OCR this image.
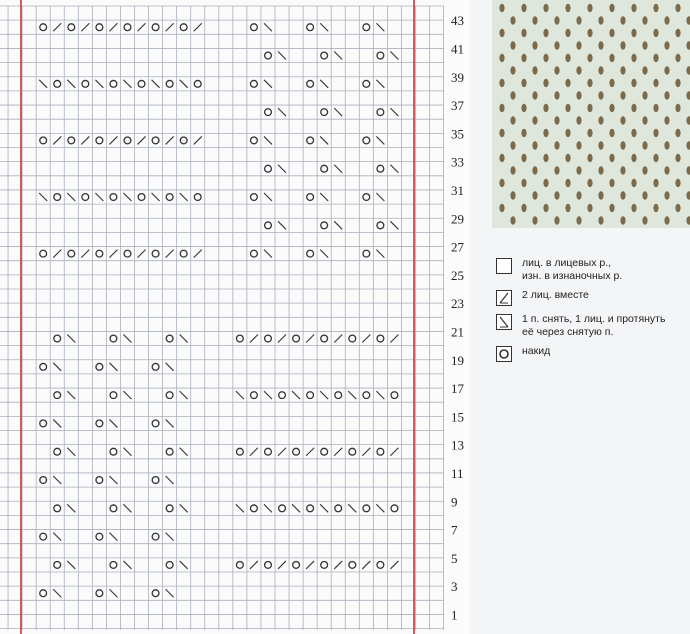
43
41
39
37
35
33
31
29
27
25
23
21
19
17
15
13
11
9
7
5
3
1
лиц. в лицевых р.,
изн. в изнаночных р.
2 лиц. вместе
1 п. снять, 1 лиц. и протянуть
её через снятую п.
накид
